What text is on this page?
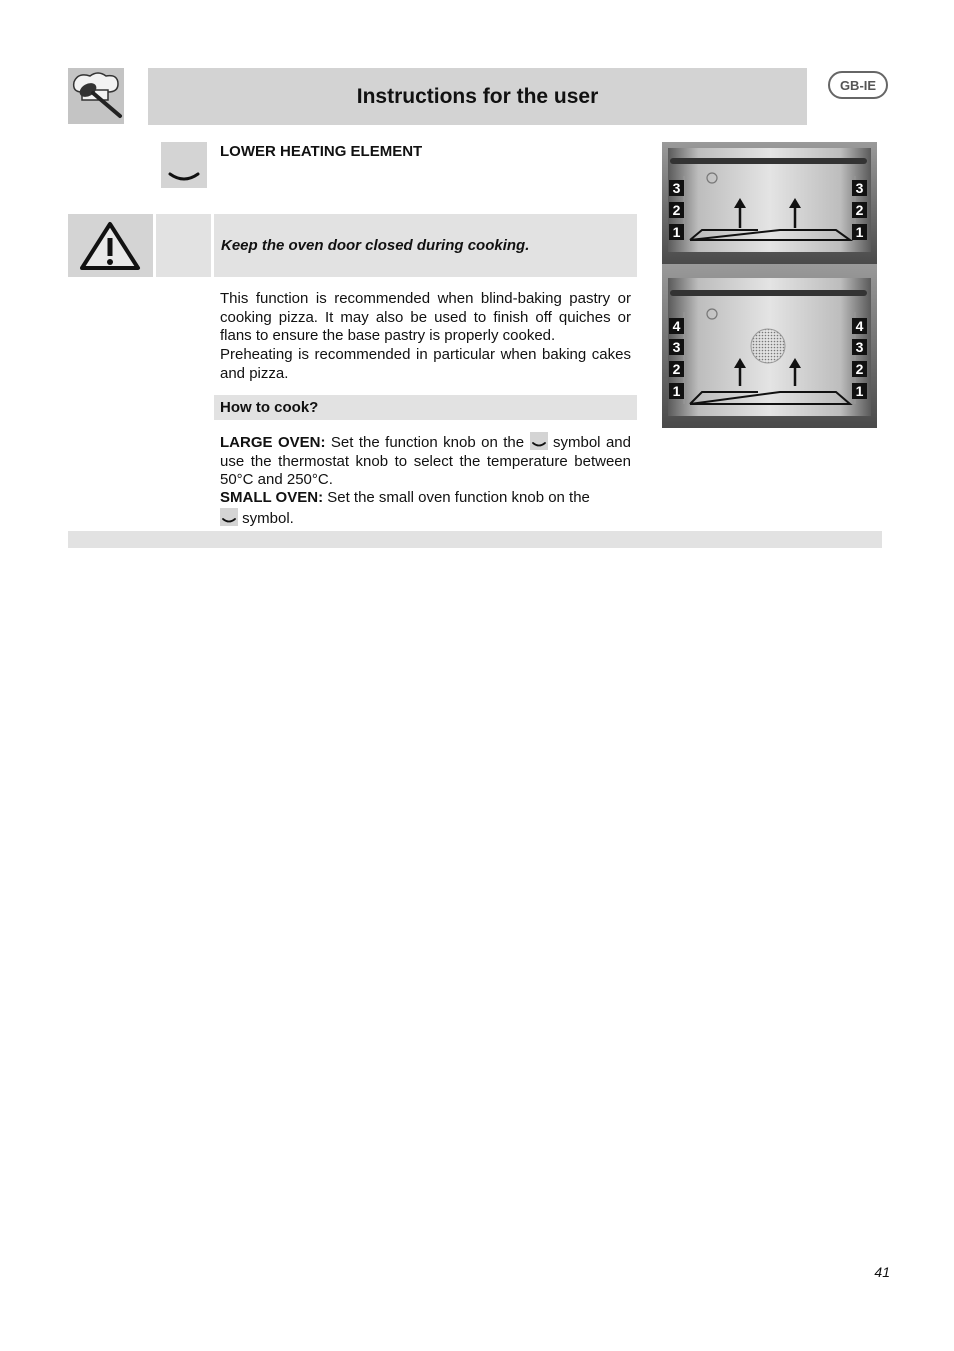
Instructions for the user	GB-IE
LOWER HEATING ELEMENT
Keep the oven door closed during cooking.
This function is recommended when blind-baking pastry or cooking pizza. It may also be used to finish off quiches or flans to ensure the base pastry is properly cooked.
Preheating is recommended in particular when baking cakes and pizza.
How to cook?
LARGE OVEN: Set the function knob on the symbol and use the thermostat knob to select the temperature between 50°C and 250°C.
SMALL OVEN: Set the small oven function knob on the
symbol.
3
2
1
3
2
1
4
3
2
1
4
3
2
1
41
